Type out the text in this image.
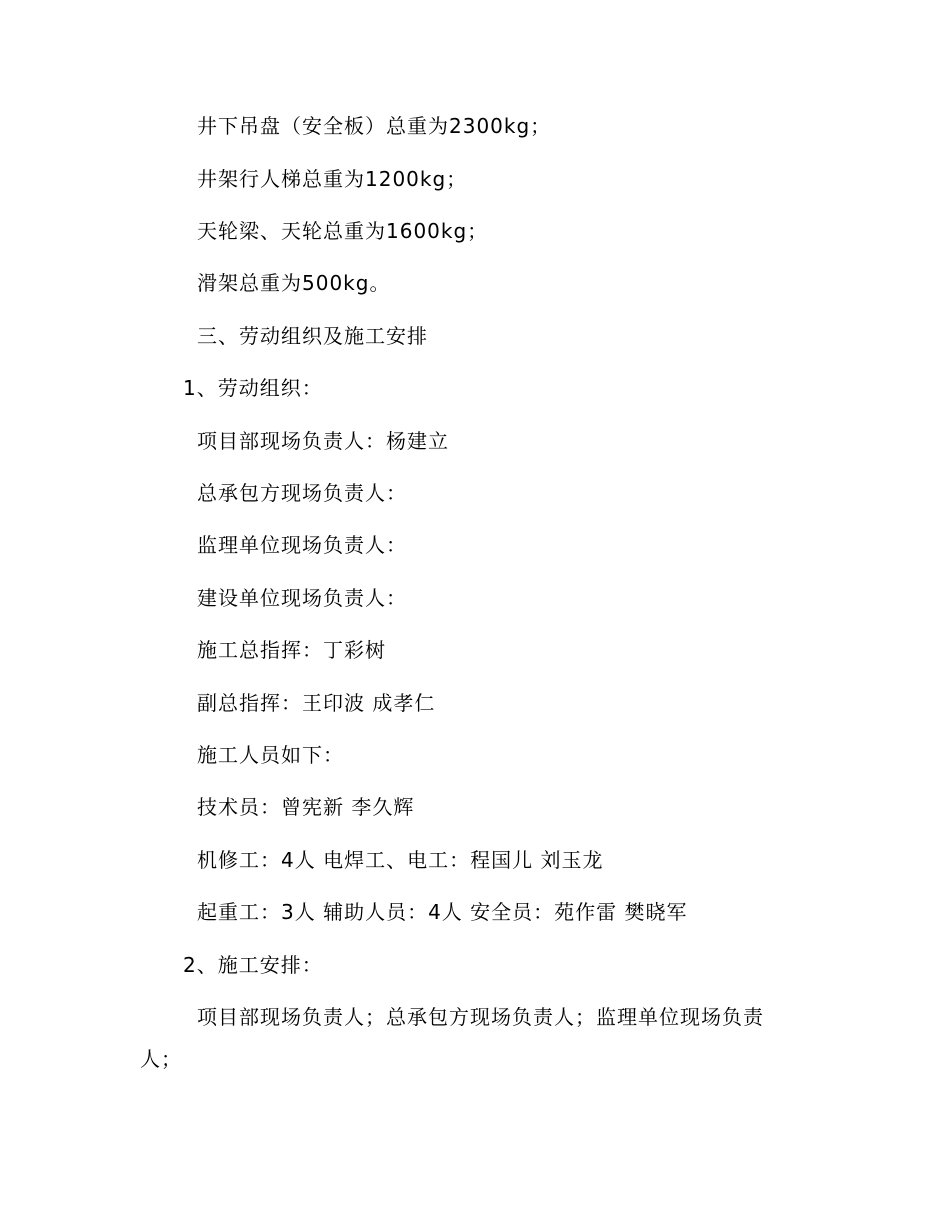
井下吊盘（安全板）总重为2300kg；
井架行人梯总重为1200kg；
天轮梁、天轮总重为1600kg；
滑架总重为500kg。
三、劳动组织及施工安排
1、劳动组织：
项目部现场负责人：杨建立
总承包方现场负责人：
监理单位现场负责人：
建设单位现场负责人：
施工总指挥：丁彩树
副总指挥：王印波 成孝仁
施工人员如下：
技术员：曾宪新 李久辉
机修工：4人 电焊工、电工：程国儿 刘玉龙
起重工：3人 辅助人员：4人 安全员：苑作雷 樊晓军
2、施工安排：
项目部现场负责人；总承包方现场负责人；监理单位现场负责
人；
